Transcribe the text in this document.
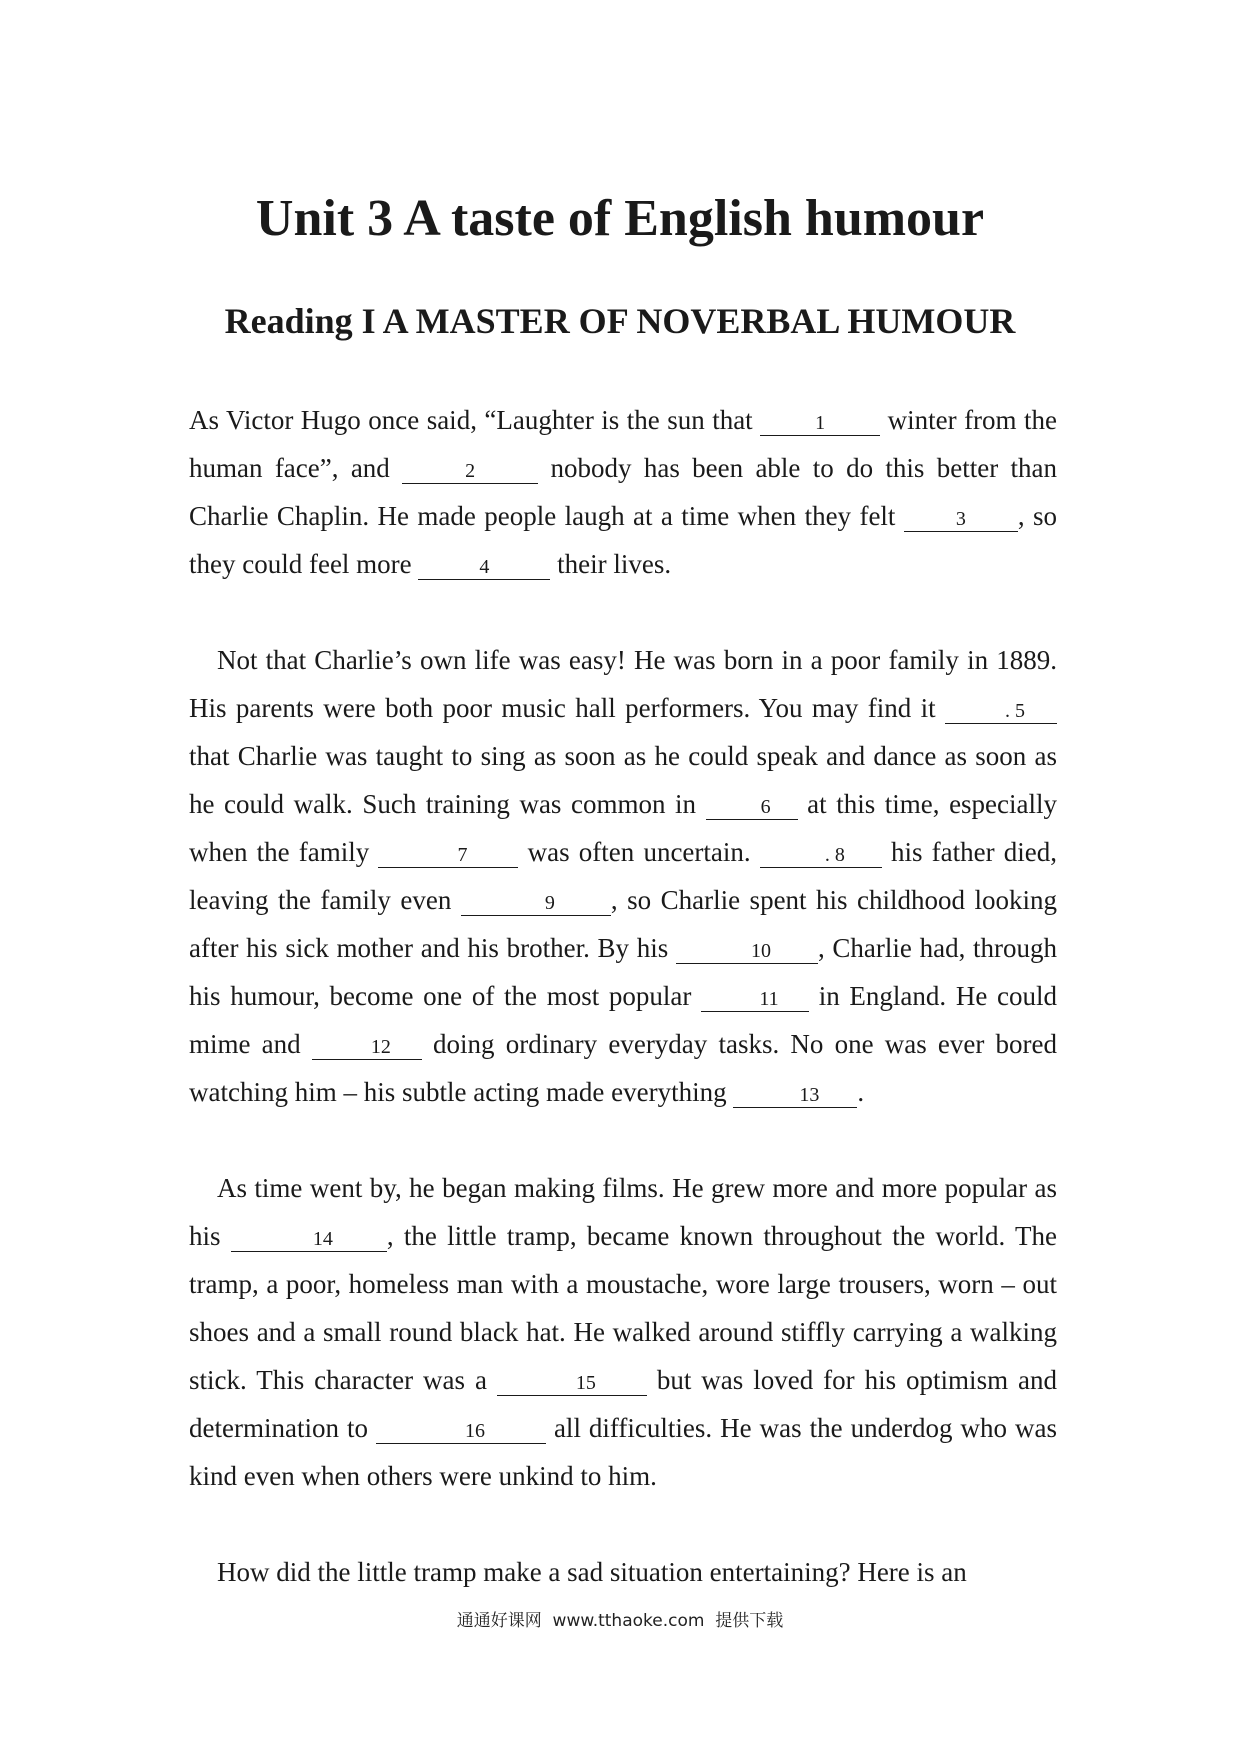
Unit 3 A taste of English humour
Reading I A MASTER OF NOVERBAL HUMOUR

As Victor Hugo once said, “Laughter is the sun that	1 winter from the human face”, and	2	nobody has been able to do this better than Charlie Chaplin. He made people laugh at a time when they felt	3 , so they could feel more	4	their lives.

Not that Charlie’s own life was easy! He was born in a poor family in 1889. His parents were both poor music hall performers. You may find it	. 5 that Charlie was taught to sing as soon as he could speak and dance as soon as he could walk. Such training was common in	6 at this time, especially when the family	7 was often uncertain.	. 8 his father died, leaving the family even	9 , so Charlie spent his childhood looking after his sick mother and his brother. By his	10 , Charlie had, through his humour, become one of the most popular	11 in England. He could mime and	12 doing ordinary everyday tasks. No one was ever bored watching him – his subtle acting made everything	13 .

As time went by, he began making films. He grew more and more popular as his	14 , the little tramp, became known throughout the world. The tramp, a poor, homeless man with a moustache, wore large trousers, worn – out shoes and a small round black hat. He walked around stiffly carrying a walking stick. This character was a	15 but was loved for his optimism and determination to	16	all difficulties. He was the underdog who was kind even when others were unkind to him.

How did the little tramp make a sad situation entertaining? Here is an

通通好课网  www.tthaoke.com  提供下载
